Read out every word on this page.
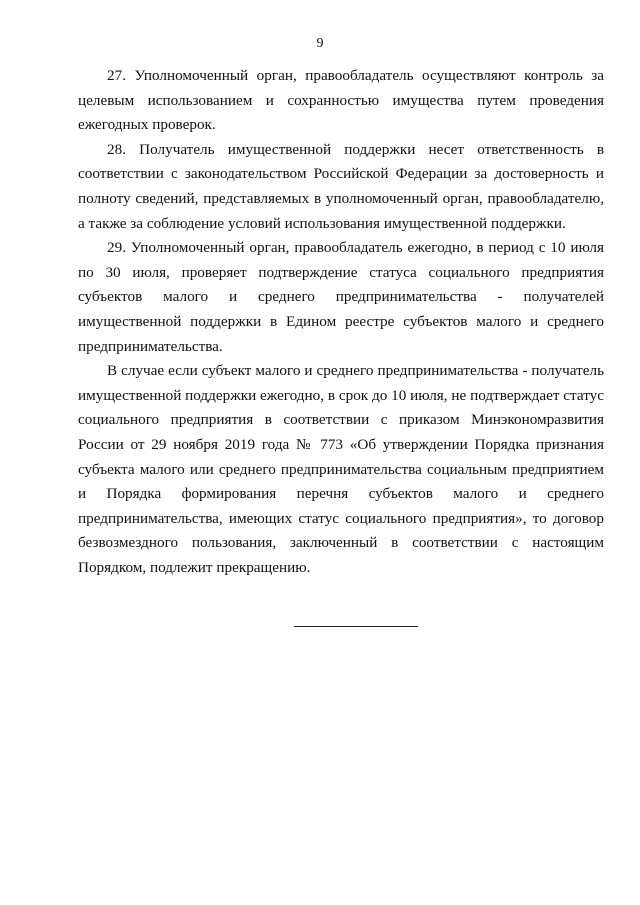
9

27. Уполномоченный орган, правообладатель осуществляют контроль за целевым использованием и сохранностью имущества путем проведения ежегодных проверок.

28. Получатель имущественной поддержки несет ответственность в соответствии с законодательством Российской Федерации за достоверность и полноту сведений, представляемых в уполномоченный орган, правообладателю, а также за соблюдение условий использования имущественной поддержки.

29. Уполномоченный орган, правообладатель ежегодно, в период с 10 июля по 30 июля, проверяет подтверждение статуса социального предприятия субъектов малого и среднего предпринимательства - получателей имущественной поддержки в Едином реестре субъектов малого и среднего предпринимательства.

В случае если субъект малого и среднего предпринимательства - получатель имущественной поддержки ежегодно, в срок до 10 июля, не подтверждает статус социального предприятия в соответствии с приказом Минэкономразвития России от 29 ноября 2019 года № 773 «Об утверждении Порядка признания субъекта малого или среднего предпринимательства социальным предприятием и Порядка формирования перечня субъектов малого и среднего предпринимательства, имеющих статус социального предприятия», то договор безвозмездного пользования, заключенный в соответствии с настоящим Порядком, подлежит прекращению.
